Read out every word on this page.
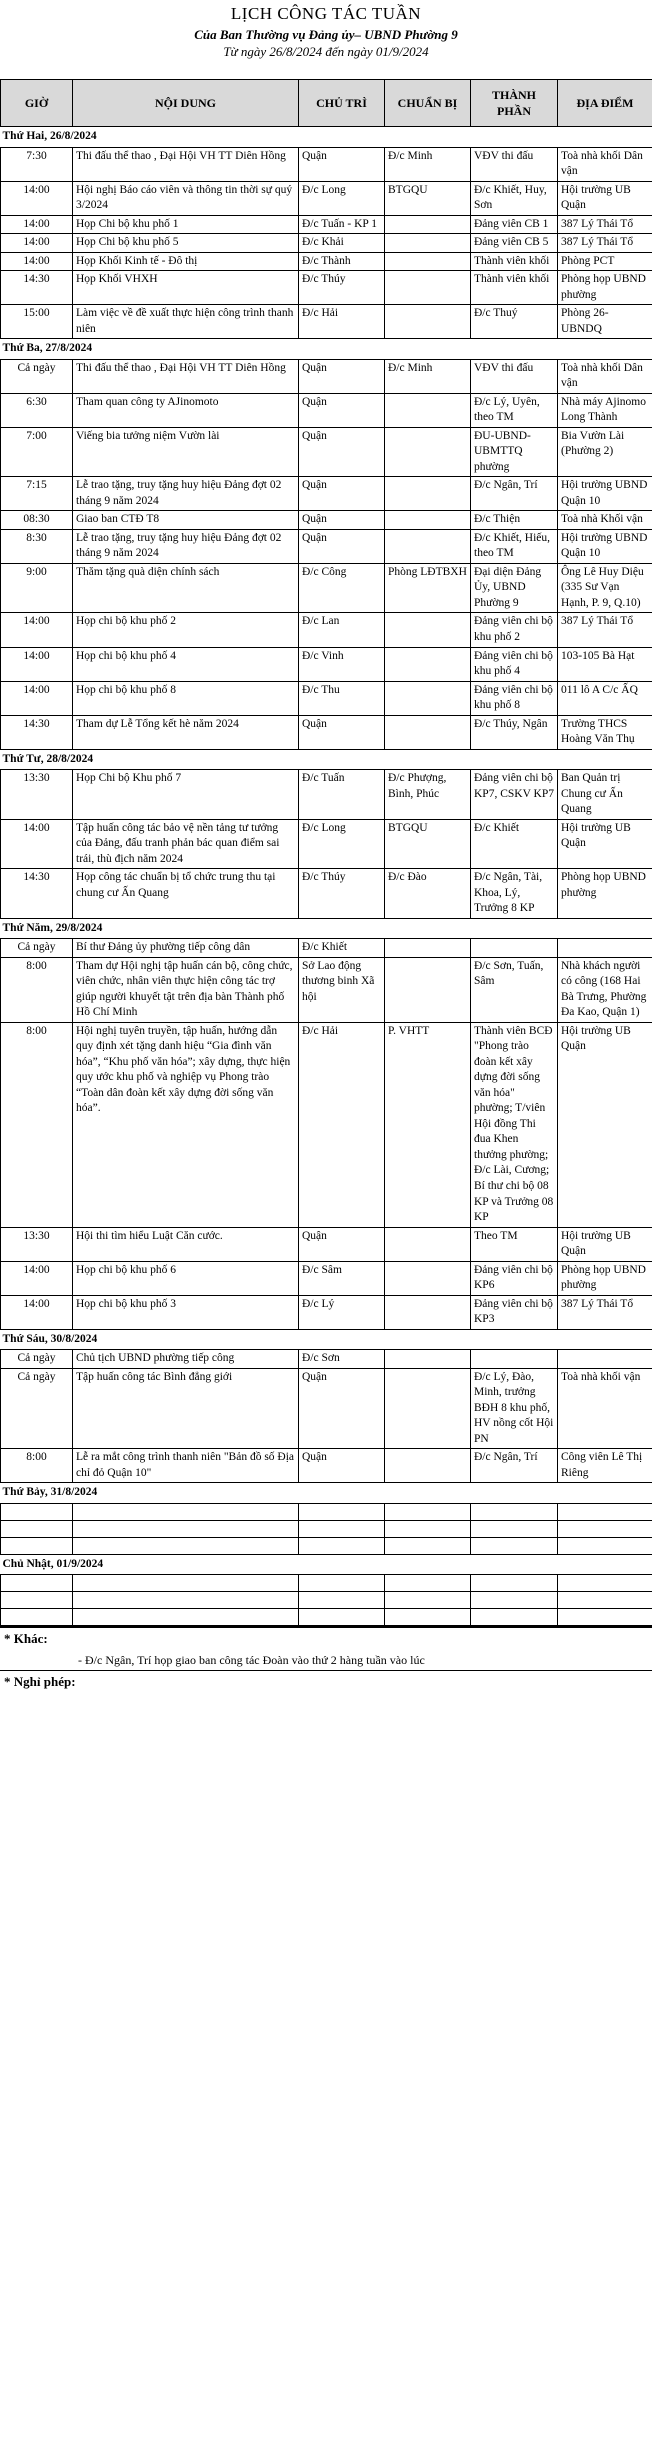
LỊCH CÔNG TÁC TUẦN
Của Ban Thường vụ Đảng ủy– UBND Phường 9
Từ ngày 26/8/2024 đến ngày 01/9/2024
GIỜ	NỘI DUNG	CHỦ TRÌ	CHUẨN BỊ	THÀNH PHẦN	ĐỊA ĐIỂM
Thứ Hai, 26/8/2024					
7:30	Thi đấu thể thao , Đại Hội VH TT Diên Hồng	Quận	Đ/c Minh	VĐV thi đấu	Toà nhà khối Dân vận
14:00	Hội nghị Báo cáo viên và thông tin thời sự quý 3/2024	Đ/c Long	BTGQU	Đ/c Khiết, Huy, Sơn	Hội trường UB Quận
14:00	Họp Chi bộ khu phố 1	Đ/c Tuấn - KP 1		Đảng viên CB 1	387 Lý Thái Tổ
14:00	Họp Chi bộ khu phố 5	Đ/c Khải		Đảng viên CB 5	387 Lý Thái Tổ
14:00	Họp Khối Kinh tế - Đô thị	Đ/c Thành		Thành viên khối	Phòng PCT
14:30	Họp Khối VHXH	Đ/c Thúy		Thành viên khối	Phòng họp UBND phường
15:00	Làm việc về đề xuất thực hiện công trình thanh niên	Đ/c Hải		Đ/c Thuý	Phòng 26-UBNDQ
Thứ Ba, 27/8/2024					
Cả ngày	Thi đấu thể thao , Đại Hội VH TT Diên Hồng	Quận	Đ/c Minh	VĐV thi đấu	Toà nhà khối Dân vận
6:30	Tham quan công ty AJinomoto	Quận		Đ/c Lý, Uyên, theo TM	Nhà máy Ajinomo Long Thành
7:00	Viếng bia tưởng niệm Vườn lài	Quận		ĐU-UBND-UBMTTQ phường	Bia Vườn Lài (Phường 2)
7:15	Lễ trao tặng, truy tặng huy hiệu Đảng đợt 02 tháng 9 năm 2024	Quận		Đ/c Ngân, Trí	Hội trường UBND Quận 10
08:30	Giao ban CTĐ T8	Quận		Đ/c Thiện	Toà nhà Khối vận
8:30	Lễ trao tặng, truy tặng huy hiệu Đảng đợt 02 tháng 9 năm 2024	Quận		Đ/c Khiết, Hiếu, theo TM	Hội trường UBND Quận 10
9:00	Thăm tặng quà diện chính sách	Đ/c Công	Phòng LĐTBXH	Đại diện Đảng Ủy, UBND Phường 9	Ông Lê Huy Diệu (335 Sư Vạn Hạnh, P. 9, Q.10)
14:00	Họp chi bộ khu phố 2	Đ/c Lan		Đảng viên chi bộ khu phố 2	387 Lý Thái Tổ
14:00	Họp chi bộ khu phố 4	Đ/c Vinh		Đảng viên chi bộ khu phố 4	103-105 Bà Hạt
14:00	Họp chi bộ khu phố 8	Đ/c Thu		Đảng viên chi bộ khu phố 8	011 lô A C/c ẤQ
14:30	Tham dự Lễ Tổng kết hè năm 2024	Quận		Đ/c Thúy, Ngân	Trường THCS Hoàng Văn Thụ
Thứ Tư, 28/8/2024					
13:30	Họp Chi bộ Khu phố 7	Đ/c Tuấn	Đ/c Phượng, Bình, Phúc	Đảng viên chi bộ KP7, CSKV KP7	Ban Quản trị Chung cư Ấn Quang
14:00	Tập huấn công tác bảo vệ nền tảng tư tưởng của Đảng, đấu tranh phản bác quan điểm sai trái, thù địch năm 2024	Đ/c Long	BTGQU	Đ/c Khiết	Hội trường UB Quận
14:30	Họp công tác chuẩn bị tổ chức trung thu tại chung cư Ấn Quang	Đ/c Thúy	Đ/c Đào	Đ/c Ngân, Tài, Khoa, Lý, Trưởng 8 KP	Phòng họp UBND phường
Thứ Năm, 29/8/2024					
Cả ngày	Bí thư Đảng ủy phường tiếp công dân	Đ/c Khiết			
8:00	Tham dự Hội nghị tập huấn cán bộ, công chức, viên chức, nhân viên thực hiện công tác trợ giúp người khuyết tật trên địa bàn Thành phố Hồ Chí Minh	Sở Lao động thương binh Xã hội		Đ/c Sơn, Tuấn, Sâm	Nhà khách người có công (168 Hai Bà Trưng, Phường Đa Kao, Quận 1)
8:00	Hội nghị tuyên truyền, tập huấn, hướng dẫn quy định xét tặng danh hiệu “Gia đình văn hóa”, “Khu phố văn hóa”; xây dựng, thực hiện quy ước khu phố và nghiệp vụ Phong trào “Toàn dân đoàn kết xây dựng đời sống văn hóa”.	Đ/c Hải	P. VHTT	Thành viên BCĐ "Phong trào đoàn kết xây dựng đời sống văn hóa" phường; T/viên Hội đồng Thi đua Khen thưởng phường; Đ/c Lài, Cương; Bí thư chi bộ 08 KP và Trưởng 08 KP	Hội trường UB Quận
13:30	Hội thi tìm hiểu Luật Căn cước.	Quận		Theo TM	Hội trường UB Quận
14:00	Họp chi bộ khu phố 6	Đ/c Sâm		Đảng viên chi bộ KP6	Phòng họp UBND phường
14:00	Họp chi bộ khu phố 3	Đ/c Lý		Đảng viên chi bộ KP3	387 Lý Thái Tổ
Thứ Sáu, 30/8/2024					
Cả ngày	Chủ tịch UBND phường tiếp công	Đ/c Sơn			
Cả ngày	Tập huấn công tác Bình đẳng giới	Quận		Đ/c Lý, Đào, Minh, trưởng BĐH 8 khu phố, HV nồng cốt Hội PN	Toà nhà khối vận
8:00	Lễ ra mắt công trình thanh niên "Bản đồ số Địa chỉ đỏ Quận 10"	Quận		Đ/c Ngân, Trí	Công viên Lê Thị Riêng
Thứ Bảy, 31/8/2024					

Chủ Nhật, 01/9/2024					

* Khác:
- Đ/c Ngân, Trí họp giao ban công tác Đoàn vào thứ 2 hàng tuần vào lúc
* Nghỉ phép:
